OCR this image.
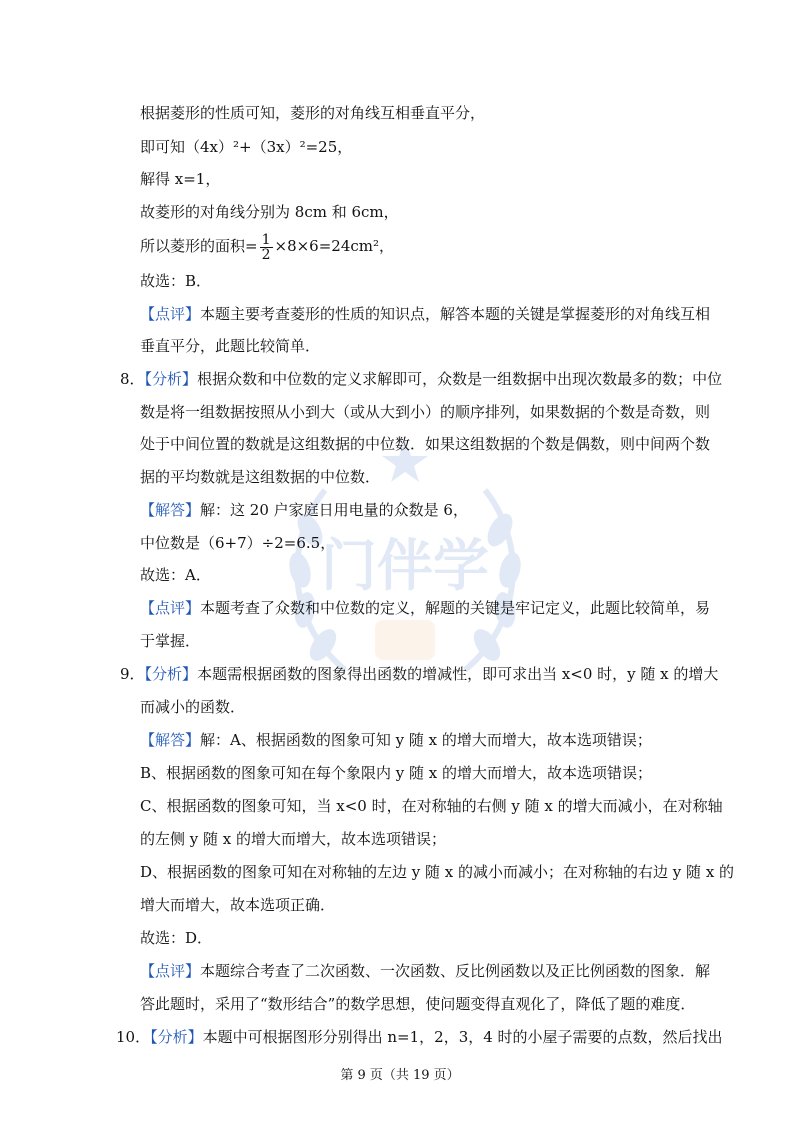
门伴学
根据菱形的性质可知，菱形的对角线互相垂直平分，
即可知（4x）²+（3x）²=25，
解得 x=1，
故菱形的对角线分别为 8cm 和 6cm，
所以菱形的面积= $\frac{1}{2} \times 8\times 6=24cm^2$，
故选：B．
【点评】本题主要考查菱形的性质的知识点，解答本题的关键是掌握菱形的对角线互相
垂直平分，此题比较简单．
8．【分析】根据众数和中位数的定义求解即可，众数是一组数据中出现次数最多的数；中位
数是将一组数据按照从小到大（或从大到小）的顺序排列，如果数据的个数是奇数，则
处于中间位置的数就是这组数据的中位数．如果这组数据的个数是偶数，则中间两个数
据的平均数就是这组数据的中位数．
【解答】解：这 20 户家庭日用电量的众数是 6，
中位数是（6+7）÷2=6.5，
故选：A．
【点评】本题考查了众数和中位数的定义，解题的关键是牢记定义，此题比较简单，易
于掌握．
9．【分析】本题需根据函数的图象得出函数的增减性，即可求出当 x<0 时，y 随 x 的增大
而减小的函数．
【解答】解：A、根据函数的图象可知 y 随 x 的增大而增大，故本选项错误；
B、根据函数的图象可知在每个象限内 y 随 x 的增大而增大，故本选项错误；
C、根据函数的图象可知，当 x<0 时，在对称轴的右侧 y 随 x 的增大而减小，在对称轴
的左侧 y 随 x 的增大而增大，故本选项错误；
D、根据函数的图象可知在对称轴的左边 y 随 x 的减小而减小；在对称轴的右边 y 随 x 的
增大而增大，故本选项正确．
故选：D．
【点评】本题综合考查了二次函数、一次函数、反比例函数以及正比例函数的图象．解
答此题时，采用了“数形结合”的数学思想，使问题变得直观化了，降低了题的难度．
10．【分析】本题中可根据图形分别得出 n=1，2，3，4 时的小屋子需要的点数，然后找出
第 9 页（共 19 页）
